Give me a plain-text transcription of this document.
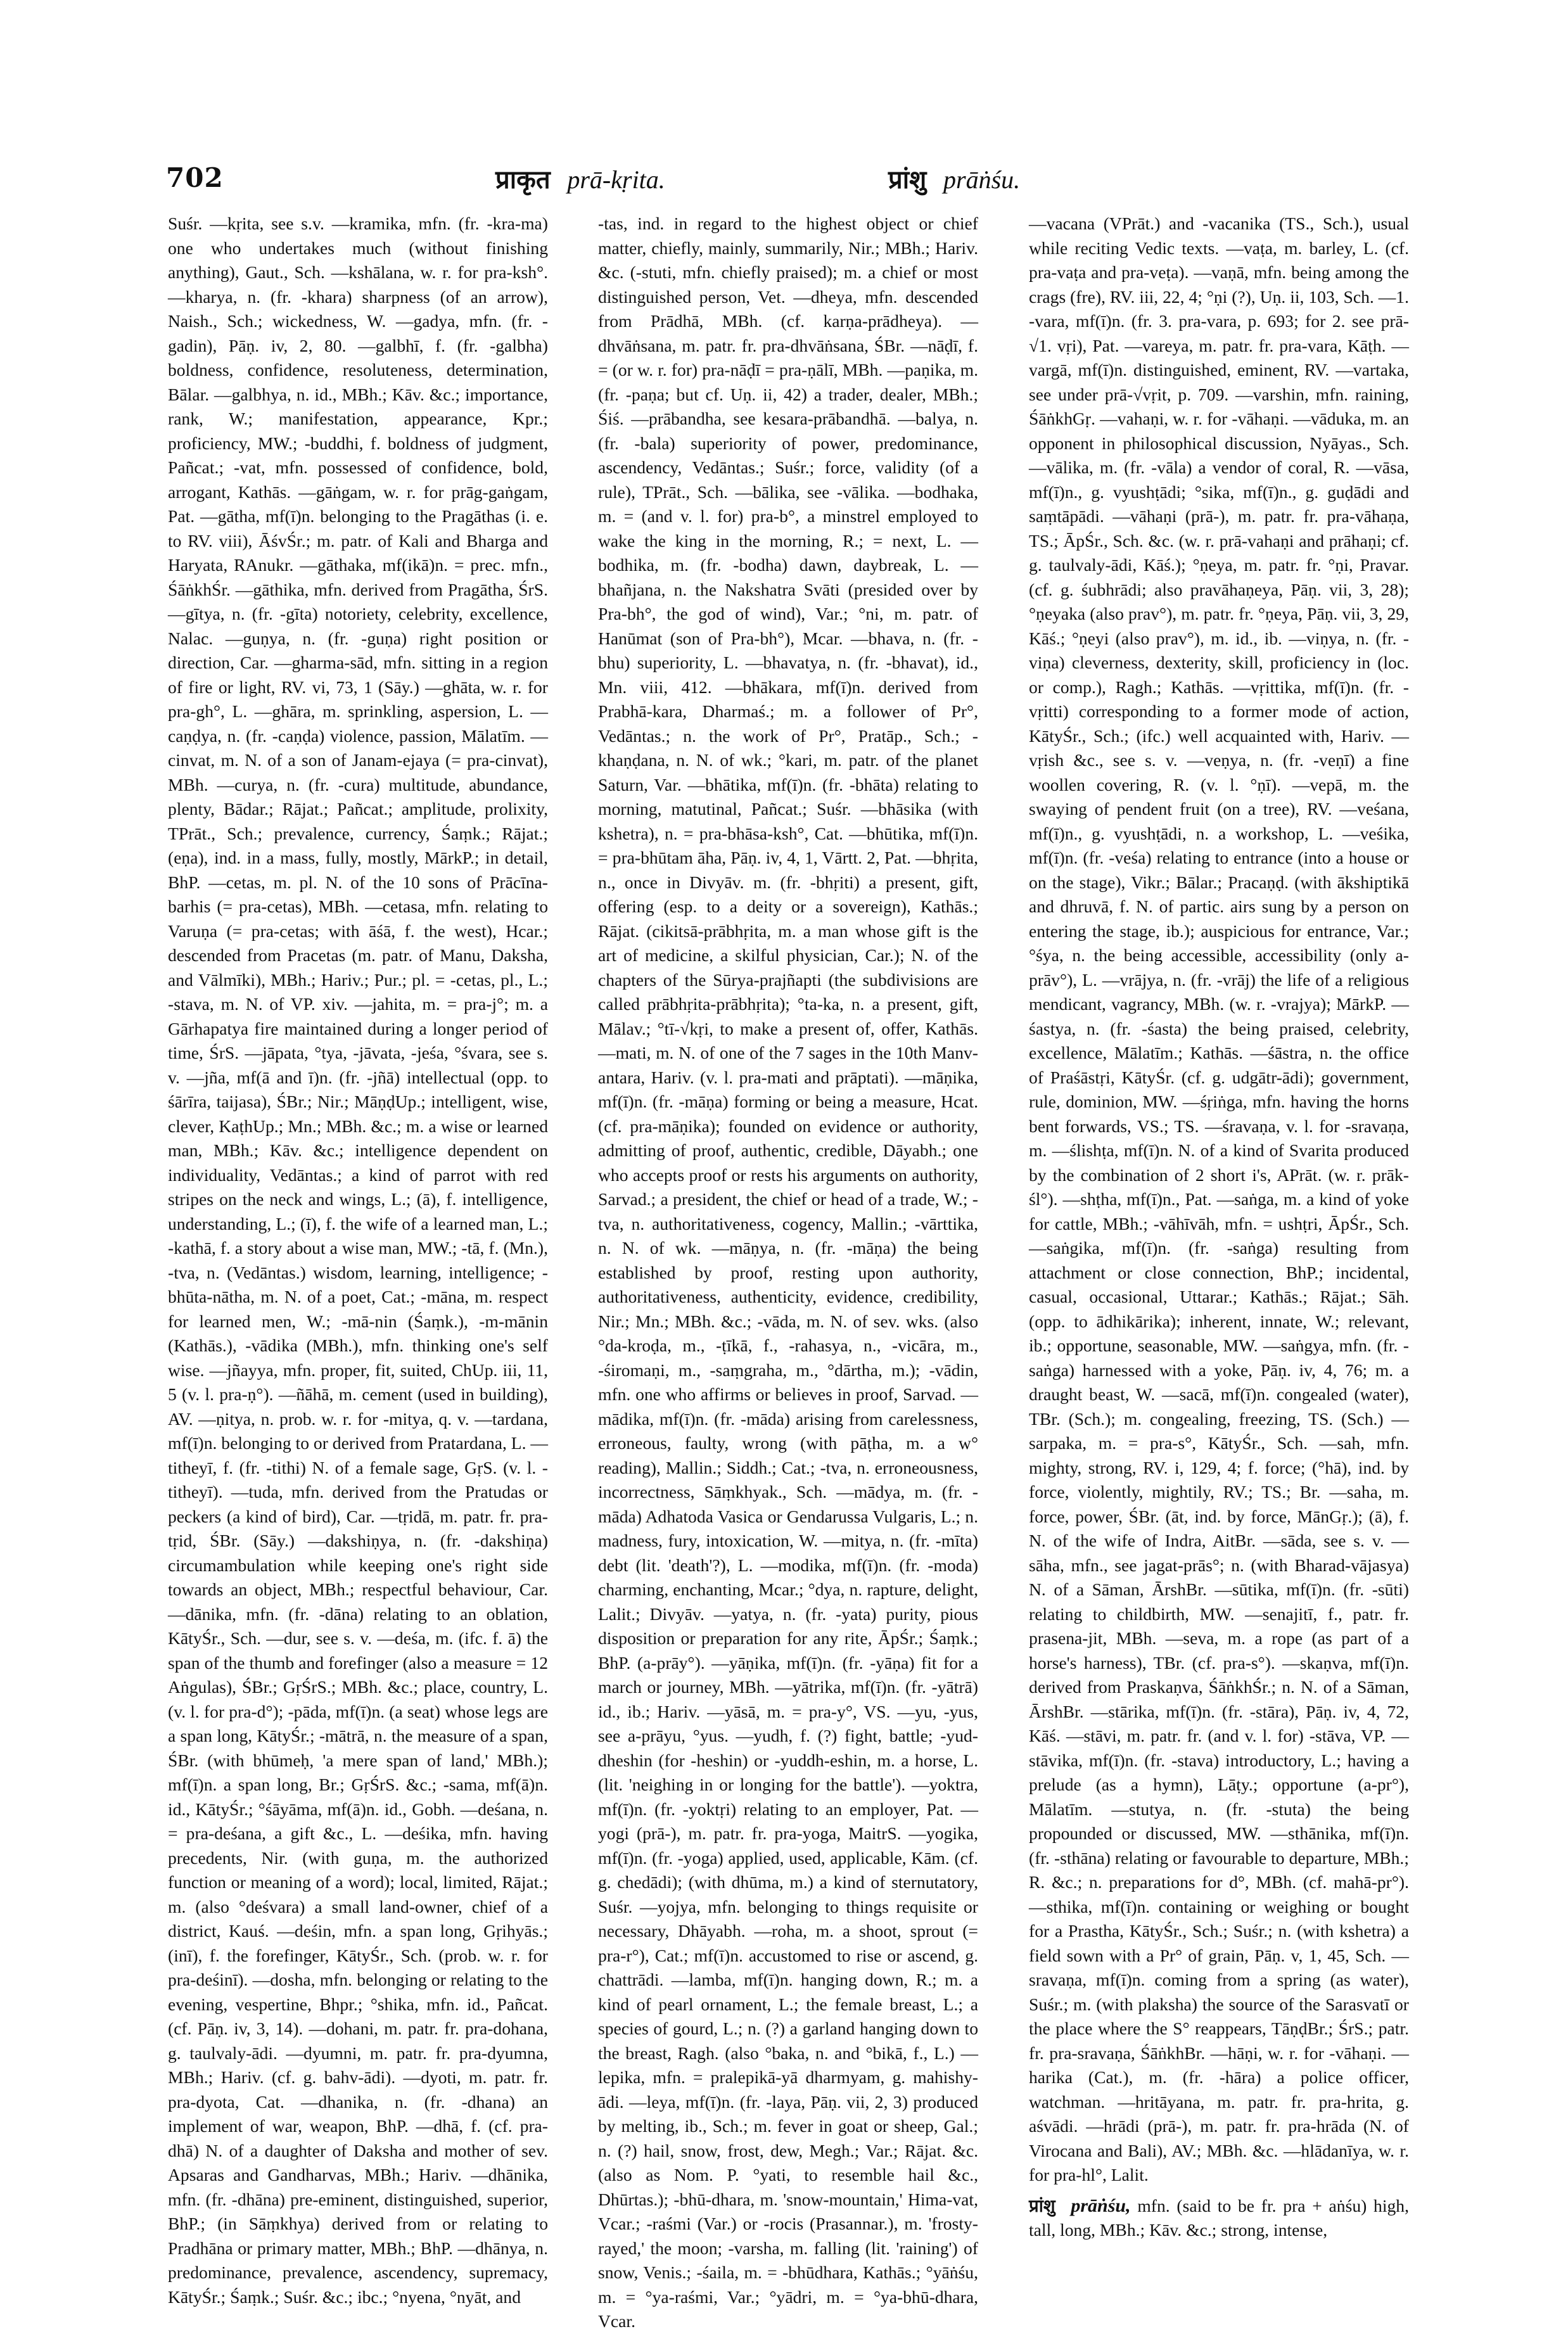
702	प्राकृत prā-kṛita.	प्रांशु prāṅśu.

Suśr. —kṛita, see s.v. —kramika, mfn. (fr. -kra-ma) one who undertakes much (without finishing anything), Gaut., Sch. —kshālana, w. r. for pra-ksh°. —kharya, n. (fr. -khara) sharpness (of an arrow), Naish., Sch.; wickedness, W. —gadya, mfn. (fr. -gadin), Pāṇ. iv, 2, 80. —galbhī, f. (fr. -galbha) boldness, confidence, resoluteness, determination, Bālar. —galbhya, n. id., MBh.; Kāv. &c.; importance, rank, W.; manifestation, appearance, Kpr.; proficiency, MW.; -buddhi, f. boldness of judgment, Pañcat.; -vat, mfn. possessed of confidence, bold, arrogant, Kathās. —gāṅgam, w. r. for prāg-gaṅgam, Pat. —gātha, mf(ī)n. belonging to the Pragāthas (i. e. to RV. viii), ĀśvŚr.; m. patr. of Kali and Bharga and Haryata, RAnukr. —gāthaka, mf(ikā)n. = prec. mfn., ŚāṅkhŚr. —gāthika, mfn. derived from Pragātha, ŚrS. —gītya, n. (fr. -gīta) notoriety, celebrity, excellence, Nalac. —guṇya, n. (fr. -guṇa) right position or direction, Car. —gharma-sād, mfn. sitting in a region of fire or light, RV. vi, 73, 1 (Sāy.) —ghāta, w. r. for pra-gh°, L. —ghāra, m. sprinkling, aspersion, L. —caṇḍya, n. (fr. -caṇḍa) violence, passion, Mālatīm. —cinvat, m. N. of a son of Janam-ejaya (= pra-cinvat), MBh. —curya, n. (fr. -cura) multitude, abundance, plenty, Bādar.; Rājat.; Pañcat.; amplitude, prolixity, TPrāt., Sch.; prevalence, currency, Śaṃk.; Rājat.; (eṇa), ind. in a mass, fully, mostly, MārkP.; in detail, BhP. —cetas, m. pl. N. of the 10 sons of Prācīna-barhis (= pra-cetas), MBh. —cetasa, mfn. relating to Varuṇa (= pra-cetas; with āśā, f. the west), Hcar.; descended from Pracetas (m. patr. of Manu, Daksha, and Vālmīki), MBh.; Hariv.; Pur.; pl. = -cetas, pl., L.; -stava, m. N. of VP. xiv. —jahita, m. = pra-j°; m. a Gārhapatya fire maintained during a longer period of time, ŚrS. —jāpata, °tya, -jāvata, -jeśa, °śvara, see s. v. —jña, mf(ā and ī)n. (fr. -jñā) intellectual (opp. to śārīra, taijasa), ŚBr.; Nir.; MāṇḍUp.; intelligent, wise, clever, KaṭhUp.; Mn.; MBh. &c.; m. a wise or learned man, MBh.; Kāv. &c.; intelligence dependent on individuality, Vedāntas.; a kind of parrot with red stripes on the neck and wings, L.; (ā), f. intelligence, understanding, L.; (ī), f. the wife of a learned man, L.; -kathā, f. a story about a wise man, MW.; -tā, f. (Mn.), -tva, n. (Vedāntas.) wisdom, learning, intelligence; -bhūta-nātha, m. N. of a poet, Cat.; -māna, m. respect for learned men, W.; -mā-nin (Śaṃk.), -m-mānin (Kathās.), -vādika (MBh.), mfn. thinking one's self wise. —jñayya, mfn. proper, fit, suited, ChUp. iii, 11, 5 (v. l. pra-ṇ°). —ñāhā, m. cement (used in building), AV. —ṇitya, n. prob. w. r. for -mitya, q. v. —tardana, mf(ī)n. belonging to or derived from Pratardana, L. —titheyī, f. (fr. -tithi) N. of a female sage, GṛS. (v. l. -titheyī). —tuda, mfn. derived from the Pratudas or peckers (a kind of bird), Car. —tṛidā, m. patr. fr. pra-tṛid, ŚBr. (Sāy.) —dakshiṇya, n. (fr. -dakshiṇa) circumambulation while keeping one's right side towards an object, MBh.; respectful behaviour, Car. —dānika, mfn. (fr. -dāna) relating to an oblation, KātyŚr., Sch. —dur, see s. v. —deśa, m. (ifc. f. ā) the span of the thumb and forefinger (also a measure = 12 Aṅgulas), ŚBr.; GṛŚrS.; MBh. &c.; place, country, L. (v. l. for pra-d°); -pāda, mf(ī)n. (a seat) whose legs are a span long, KātyŚr.; -mātrā, n. the measure of a span, ŚBr. (with bhūmeḥ, 'a mere span of land,' MBh.); mf(ī)n. a span long, Br.; GṛŚrS. &c.; -sama, mf(ā)n. id., KātyŚr.; °śāyāma, mf(ā)n. id., Gobh. —deśana, n. = pra-deśana, a gift &c., L. —deśika, mfn. having precedents, Nir. (with guṇa, m. the authorized function or meaning of a word); local, limited, Rājat.; m. (also °deśvara) a small land-owner, chief of a district, Kauś. —deśin, mfn. a span long, Gṛihyās.; (inī), f. the forefinger, KātyŚr., Sch. (prob. w. r. for pra-deśinī). —dosha, mfn. belonging or relating to the evening, vespertine, Bhpr.; °shika, mfn. id., Pañcat. (cf. Pāṇ. iv, 3, 14). —dohani, m. patr. fr. pra-dohana, g. taulvaly-ādi. —dyumni, m. patr. fr. pra-dyumna, MBh.; Hariv. (cf. g. bahv-ādi). —dyoti, m. patr. fr. pra-dyota, Cat. —dhanika, n. (fr. -dhana) an implement of war, weapon, BhP. —dhā, f. (cf. pra-dhā) N. of a daughter of Daksha and mother of sev. Apsaras and Gandharvas, MBh.; Hariv. —dhānika, mfn. (fr. -dhāna) pre-eminent, distinguished, superior, BhP.; (in Sāṃkhya) derived from or relating to Pradhāna or primary matter, MBh.; BhP. —dhānya, n. predominance, prevalence, ascendency, supremacy, KātyŚr.; Śaṃk.; Suśr. &c.; ibc.; °nyena, °nyāt, and

-tas, ind. in regard to the highest object or chief matter, chiefly, mainly, summarily, Nir.; MBh.; Hariv. &c. (-stuti, mfn. chiefly praised); m. a chief or most distinguished person, Vet. —dheya, mfn. descended from Prādhā, MBh. (cf. karṇa-prādheya). —dhvāṅsana, m. patr. fr. pra-dhvāṅsana, ŚBr. —nāḍī, f. = (or w. r. for) pra-nāḍī = pra-ṇālī, MBh. —paṇika, m. (fr. -paṇa; but cf. Uṇ. ii, 42) a trader, dealer, MBh.; Śiś. —prābandha, see kesara-prābandhā. —balya, n. (fr. -bala) superiority of power, predominance, ascendency, Vedāntas.; Suśr.; force, validity (of a rule), TPrāt., Sch. —bālika, see -vālika. —bodhaka, m. = (and v. l. for) pra-b°, a minstrel employed to wake the king in the morning, R.; = next, L. —bodhika, m. (fr. -bodha) dawn, daybreak, L. —bhañjana, n. the Nakshatra Svāti (presided over by Pra-bh°, the god of wind), Var.; °ni, m. patr. of Hanūmat (son of Pra-bh°), Mcar. —bhava, n. (fr. -bhu) superiority, L. —bhavatya, n. (fr. -bhavat), id., Mn. viii, 412. —bhākara, mf(ī)n. derived from Prabhā-kara, Dharmaś.; m. a follower of Pr°, Vedāntas.; n. the work of Pr°, Pratāp., Sch.; -khaṇḍana, n. N. of wk.; °kari, m. patr. of the planet Saturn, Var. —bhātika, mf(ī)n. (fr. -bhāta) relating to morning, matutinal, Pañcat.; Suśr. —bhāsika (with kshetra), n. = pra-bhāsa-ksh°, Cat. —bhūtika, mf(ī)n. = pra-bhūtam āha, Pāṇ. iv, 4, 1, Vārtt. 2, Pat. —bhṛita, n., once in Divyāv. m. (fr. -bhṛiti) a present, gift, offering (esp. to a deity or a sovereign), Kathās.; Rājat. (cikitsā-prābhṛita, m. a man whose gift is the art of medicine, a skilful physician, Car.); N. of the chapters of the Sūrya-prajñapti (the subdivisions are called prābhṛita-prābhṛita); °ta-ka, n. a present, gift, Mālav.; °tī-√kṛi, to make a present of, offer, Kathās. —mati, m. N. of one of the 7 sages in the 10th Manv-antara, Hariv. (v. l. pra-mati and prāptati). —māṇika, mf(ī)n. (fr. -māṇa) forming or being a measure, Hcat. (cf. pra-māṇika); founded on evidence or authority, admitting of proof, authentic, credible, Dāyabh.; one who accepts proof or rests his arguments on authority, Sarvad.; a president, the chief or head of a trade, W.; -tva, n. authoritativeness, cogency, Mallin.; -vārttika, n. N. of wk. —māṇya, n. (fr. -māṇa) the being established by proof, resting upon authority, authoritativeness, authenticity, evidence, credibility, Nir.; Mn.; MBh. &c.; -vāda, m. N. of sev. wks. (also °da-kroḍa, m., -ṭīkā, f., -rahasya, n., -vicāra, m., -śiromaṇi, m., -saṃgraha, m., °dārtha, m.); -vādin, mfn. one who affirms or believes in proof, Sarvad. —mādika, mf(ī)n. (fr. -māda) arising from carelessness, erroneous, faulty, wrong (with pāṭha, m. a w° reading), Mallin.; Siddh.; Cat.; -tva, n. erroneousness, incorrectness, Sāṃkhyak., Sch. —mādya, m. (fr. -māda) Adhatoda Vasica or Gendarussa Vulgaris, L.; n. madness, fury, intoxication, W. —mitya, n. (fr. -mīta) debt (lit. 'death'?), L. —modika, mf(ī)n. (fr. -moda) charming, enchanting, Mcar.; °dya, n. rapture, delight, Lalit.; Divyāv. —yatya, n. (fr. -yata) purity, pious disposition or preparation for any rite, ĀpŚr.; Śaṃk.; BhP. (a-prāy°). —yāṇika, mf(ī)n. (fr. -yāṇa) fit for a march or journey, MBh. —yātrika, mf(ī)n. (fr. -yātrā) id., ib.; Hariv. —yāsā, m. = pra-y°, VS. —yu, -yus, see a-prāyu, °yus. —yudh, f. (?) fight, battle; -yud-dheshin (for -heshin) or -yuddh-eshin, m. a horse, L. (lit. 'neighing in or longing for the battle'). —yoktra, mf(ī)n. (fr. -yoktṛi) relating to an employer, Pat. —yogi (prā-), m. patr. fr. pra-yoga, MaitrS. —yogika, mf(ī)n. (fr. -yoga) applied, used, applicable, Kām. (cf. g. chedādi); (with dhūma, m.) a kind of sternutatory, Suśr. —yojya, mfn. belonging to things requisite or necessary, Dhāyabh. —roha, m. a shoot, sprout (= pra-r°), Cat.; mf(ī)n. accustomed to rise or ascend, g. chattrādi. —lamba, mf(ī)n. hanging down, R.; m. a kind of pearl ornament, L.; the female breast, L.; a species of gourd, L.; n. (?) a garland hanging down to the breast, Ragh. (also °baka, n. and °bikā, f., L.) —lepika, mfn. = pralepikā-yā dharmyam, g. mahishy-ādi. —leya, mf(ī)n. (fr. -laya, Pāṇ. vii, 2, 3) produced by melting, ib., Sch.; m. fever in goat or sheep, Gal.; n. (?) hail, snow, frost, dew, Megh.; Var.; Rājat. &c. (also as Nom. P. °yati, to resemble hail &c., Dhūrtas.); -bhū-dhara, m. 'snow-mountain,' Hima-vat, Vcar.; -raśmi (Var.) or -rocis (Prasannar.), m. 'frosty-rayed,' the moon; -varsha, m. falling (lit. 'raining') of snow, Venis.; -śaila, m. = -bhūdhara, Kathās.; °yāṅśu, m. = °ya-raśmi, Var.; °yādri, m. = °ya-bhū-dhara, Vcar.

—vacana (VPrāt.) and -vacanika (TS., Sch.), usual while reciting Vedic texts. —vaṭa, m. barley, L. (cf. pra-vaṭa and pra-veṭa). —vaṇā, mfn. being among the crags (fre), RV. iii, 22, 4; °ṇi (?), Uṇ. ii, 103, Sch. —1. -vara, mf(ī)n. (fr. 3. pra-vara, p. 693; for 2. see prā-√1. vṛi), Pat. —vareya, m. patr. fr. pra-vara, Kāṭh. —vargā, mf(ī)n. distinguished, eminent, RV. —vartaka, see under prā-√vṛit, p. 709. —varshin, mfn. raining, ŚāṅkhGṛ. —vahaṇi, w. r. for -vāhaṇi. —vāduka, m. an opponent in philosophical discussion, Nyāyas., Sch. —vālika, m. (fr. -vāla) a vendor of coral, R. —vāsa, mf(ī)n., g. vyushṭādi; °sika, mf(ī)n., g. guḍādi and saṃtāpādi. —vāhaṇi (prā-), m. patr. fr. pra-vāhaṇa, TS.; ĀpŚr., Sch. &c. (w. r. prā-vahaṇi and prāhaṇi; cf. g. taulvaly-ādi, Kāś.); °ṇeya, m. patr. fr. °ṇi, Pravar. (cf. g. śubhrādi; also pravāhaṇeya, Pāṇ. vii, 3, 28); °ṇeyaka (also prav°), m. patr. fr. °ṇeya, Pāṇ. vii, 3, 29, Kāś.; °ṇeyi (also prav°), m. id., ib. —viṇya, n. (fr. -viṇa) cleverness, dexterity, skill, proficiency in (loc. or comp.), Ragh.; Kathās. —vṛittika, mf(ī)n. (fr. -vṛitti) corresponding to a former mode of action, KātyŚr., Sch.; (ifc.) well acquainted with, Hariv. —vṛish &c., see s. v. —veṇya, n. (fr. -veṇī) a fine woollen covering, R. (v. l. °ṇī). —vepā, m. the swaying of pendent fruit (on a tree), RV. —veśana, mf(ī)n., g. vyushṭādi, n. a workshop, L. —veśika, mf(ī)n. (fr. -veśa) relating to entrance (into a house or on the stage), Vikr.; Bālar.; Pracaṇḍ. (with ākshiptikā and dhruvā, f. N. of partic. airs sung by a person on entering the stage, ib.); auspicious for entrance, Var.; °śya, n. the being accessible, accessibility (only a-prāv°), L. —vrājya, n. (fr. -vrāj) the life of a religious mendicant, vagrancy, MBh. (w. r. -vrajya); MārkP. —śastya, n. (fr. -śasta) the being praised, celebrity, excellence, Mālatīm.; Kathās. —śāstra, n. the office of Praśāstṛi, KātyŚr. (cf. g. udgātr-ādi); government, rule, dominion, MW. —śṛiṅga, mfn. having the horns bent forwards, VS.; TS. —śravaṇa, v. l. for -sravaṇa, m. —ślishṭa, mf(ī)n. N. of a kind of Svarita produced by the combination of 2 short i's, APrāt. (w. r. prāk-śl°). —shṭha, mf(ī)n., Pat. —saṅga, m. a kind of yoke for cattle, MBh.; -vāhīvāh, mfn. = ushṭri, ĀpŚr., Sch. —saṅgika, mf(ī)n. (fr. -saṅga) resulting from attachment or close connection, BhP.; incidental, casual, occasional, Uttarar.; Kathās.; Rājat.; Sāh. (opp. to ādhikārika); inherent, innate, W.; relevant, ib.; opportune, seasonable, MW. —saṅgya, mfn. (fr. -saṅga) harnessed with a yoke, Pāṇ. iv, 4, 76; m. a draught beast, W. —sacā, mf(ī)n. congealed (water), TBr. (Sch.); m. congealing, freezing, TS. (Sch.) —sarpaka, m. = pra-s°, KātyŚr., Sch. —sah, mfn. mighty, strong, RV. i, 129, 4; f. force; (°hā), ind. by force, violently, mightily, RV.; TS.; Br. —saha, m. force, power, ŚBr. (āt, ind. by force, MānGṛ.); (ā), f. N. of the wife of Indra, AitBr. —sāda, see s. v. —sāha, mfn., see jagat-prās°; n. (with Bharad-vājasya) N. of a Sāman, ĀrshBr. —sūtika, mf(ī)n. (fr. -sūti) relating to childbirth, MW. —senajitī, f., patr. fr. prasena-jit, MBh. —seva, m. a rope (as part of a horse's harness), TBr. (cf. pra-s°). —skaṇva, mf(ī)n. derived from Praskaṇva, ŚāṅkhŚr.; n. N. of a Sāman, ĀrshBr. —stārika, mf(ī)n. (fr. -stāra), Pāṇ. iv, 4, 72, Kāś. —stāvi, m. patr. fr. (and v. l. for) -stāva, VP. —stāvika, mf(ī)n. (fr. -stava) introductory, L.; having a prelude (as a hymn), Lāṭy.; opportune (a-pr°), Mālatīm. —stutya, n. (fr. -stuta) the being propounded or discussed, MW. —sthānika, mf(ī)n. (fr. -sthāna) relating or favourable to departure, MBh.; R. &c.; n. preparations for d°, MBh. (cf. mahā-pr°). —sthika, mf(ī)n. containing or weighing or bought for a Prastha, KātyŚr., Sch.; Suśr.; n. (with kshetra) a field sown with a Pr° of grain, Pāṇ. v, 1, 45, Sch. —sravaṇa, mf(ī)n. coming from a spring (as water), Suśr.; m. (with plaksha) the source of the Sarasvatī or the place where the S° reappears, TāṇḍBr.; ŚrS.; patr. fr. pra-sravaṇa, ŚāṅkhBr. —hāṇi, w. r. for -vāhaṇi. —harika (Cat.), m. (fr. -hāra) a police officer, watchman. —hritāyana, m. patr. fr. pra-hrita, g. aśvādi. —hrādi (prā-), m. patr. fr. pra-hrāda (N. of Virocana and Bali), AV.; MBh. &c. —hlādanīya, w. r. for pra-hl°, Lalit.

प्रांशु prāṅśu, mfn. (said to be fr. pra + aṅśu) high, tall, long, MBh.; Kāv. &c.; strong, intense,
